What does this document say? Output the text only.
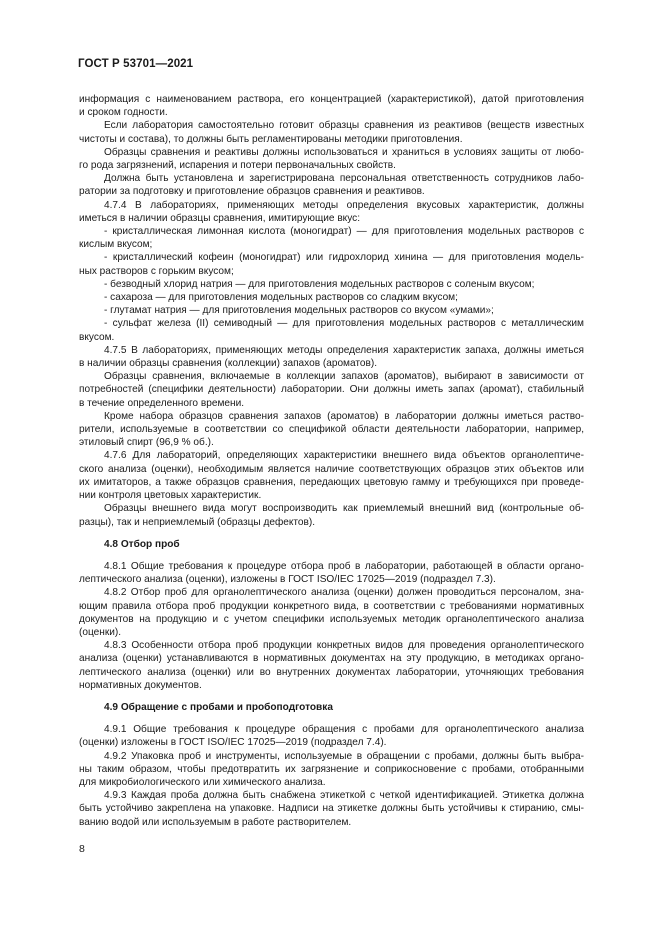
ГОСТ Р 53701—2021

информация с наименованием раствора, его концентрацией (характеристикой), датой приготовления
и сроком годности.

Если лаборатория самостоятельно готовит образцы сравнения из реактивов (веществ известных
чистоты и состава), то должны быть регламентированы методики приготовления.

Образцы сравнения и реактивы должны использоваться и храниться в условиях защиты от любо-
го рода загрязнений, испарения и потери первоначальных свойств.

Должна быть установлена и зарегистрирована персональная ответственность сотрудников лабо-
ратории за подготовку и приготовление образцов сравнения и реактивов.

4.7.4 В лабораториях, применяющих методы определения вкусовых характеристик, должны
иметься в наличии образцы сравнения, имитирующие вкус:

- кристаллическая лимонная кислота (моногидрат) — для приготовления модельных растворов с
кислым вкусом;

- кристаллический кофеин (моногидрат) или гидрохлорид хинина — для приготовления модель-
ных растворов с горьким вкусом;

- безводный хлорид натрия — для приготовления модельных растворов с соленым вкусом;

- сахароза — для приготовления модельных растворов со сладким вкусом;

- глутамат натрия — для приготовления модельных растворов со вкусом «умами»;

- сульфат железа (II) семиводный — для приготовления модельных растворов с металлическим
вкусом.

4.7.5 В лабораториях, применяющих методы определения характеристик запаха, должны иметься
в наличии образцы сравнения (коллекции) запахов (ароматов).

Образцы сравнения, включаемые в коллекции запахов (ароматов), выбирают в зависимости от
потребностей (специфики деятельности) лаборатории. Они должны иметь запах (аромат), стабильный
в течение определенного времени.

Кроме набора образцов сравнения запахов (ароматов) в лаборатории должны иметься раство-
рители, используемые в соответствии со спецификой области деятельности лаборатории, например,
этиловый спирт (96,9 % об.).

4.7.6 Для лабораторий, определяющих характеристики внешнего вида объектов органолептиче-
ского анализа (оценки), необходимым является наличие соответствующих образцов этих объектов или
их имитаторов, а также образцов сравнения, передающих цветовую гамму и требующихся при проведе-
нии контроля цветовых характеристик.

Образцы внешнего вида могут воспроизводить как приемлемый внешний вид (контрольные об-
разцы), так и неприемлемый (образцы дефектов).

4.8 Отбор проб

4.8.1 Общие требования к процедуре отбора проб в лаборатории, работающей в области органо-
лептического анализа (оценки), изложены в ГОСТ ISO/IEC 17025—2019 (подраздел 7.3).

4.8.2 Отбор проб для органолептического анализа (оценки) должен проводиться персоналом, зна-
ющим правила отбора проб продукции конкретного вида, в соответствии с требованиями нормативных
документов на продукцию и с учетом специфики используемых методик органолептического анализа
(оценки).

4.8.3 Особенности отбора проб продукции конкретных видов для проведения органолептического
анализа (оценки) устанавливаются в нормативных документах на эту продукцию, в методиках органо-
лептического анализа (оценки) или во внутренних документах лаборатории, уточняющих требования
нормативных документов.

4.9 Обращение с пробами и пробоподготовка

4.9.1 Общие требования к процедуре обращения с пробами для органолептического анализа
(оценки) изложены в ГОСТ ISO/IEC 17025—2019 (подраздел 7.4).

4.9.2 Упаковка проб и инструменты, используемые в обращении с пробами, должны быть выбра-
ны таким образом, чтобы предотвратить их загрязнение и соприкосновение с пробами, отобранными
для микробиологического или химического анализа.

4.9.3 Каждая проба должна быть снабжена этикеткой с четкой идентификацией. Этикетка должна
быть устойчиво закреплена на упаковке. Надписи на этикетке должны быть устойчивы к стиранию, смы-
ванию водой или используемым в работе растворителем.

8
